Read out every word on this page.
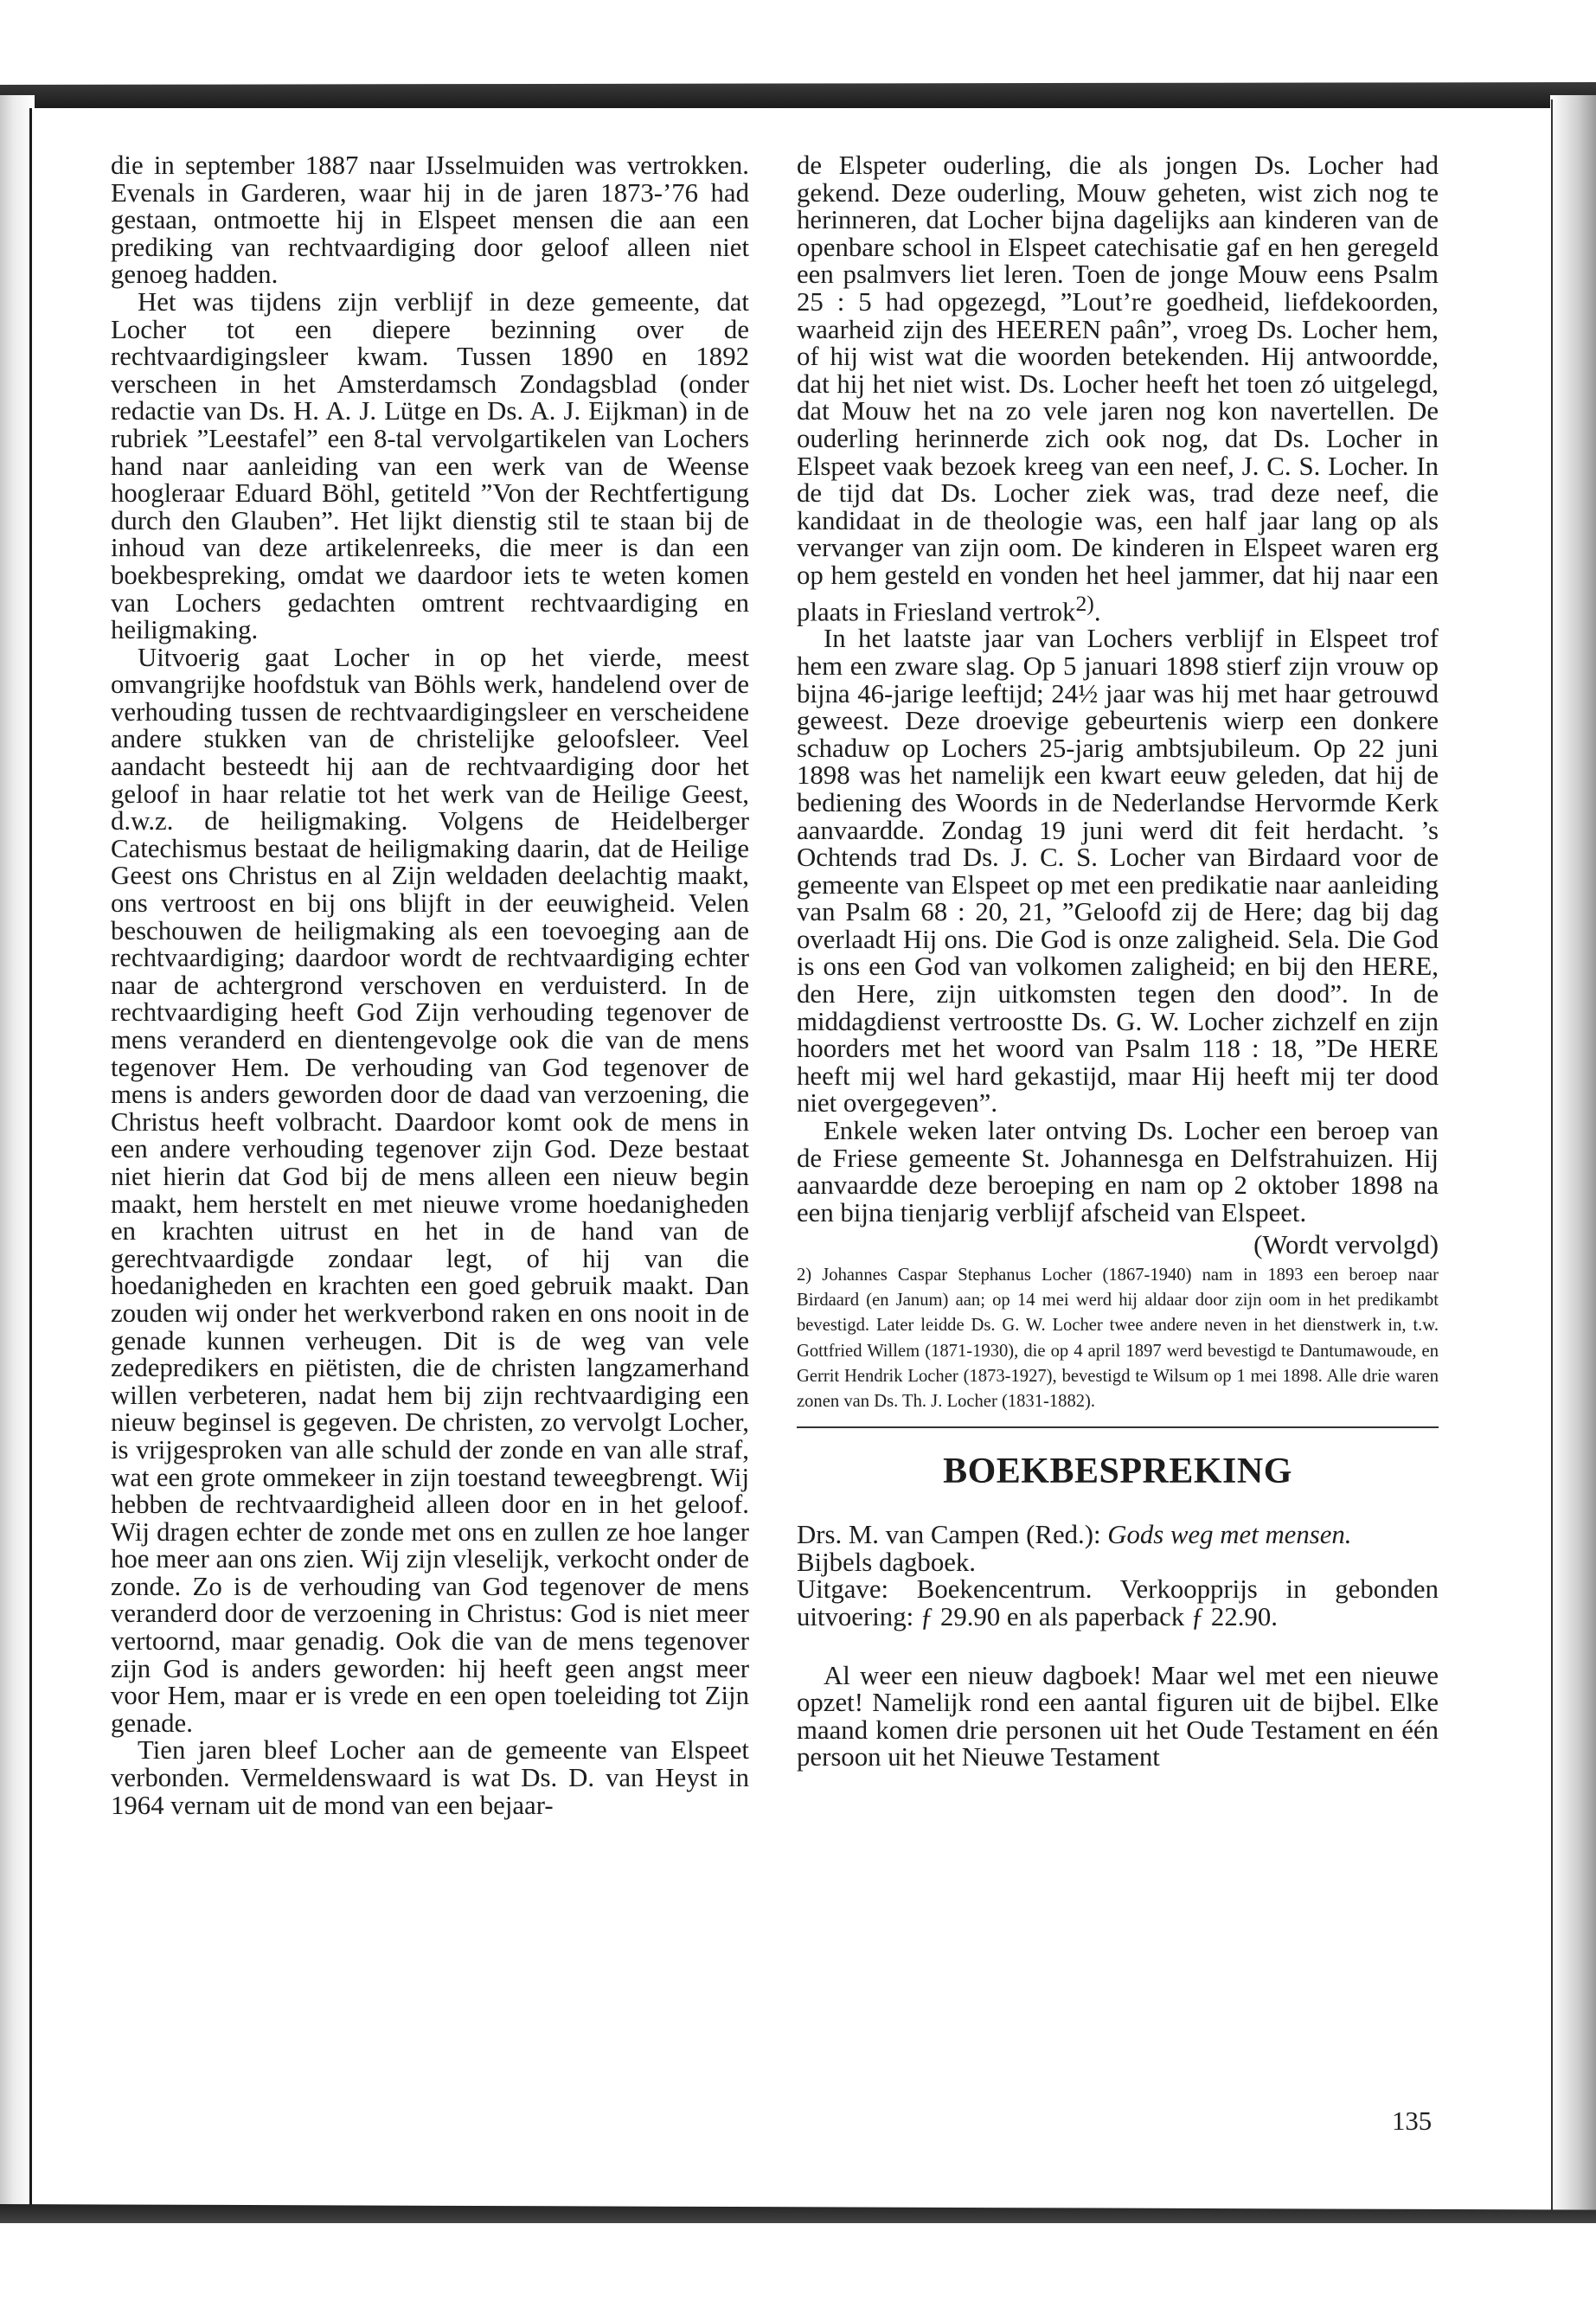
die in september 1887 naar IJsselmuiden was vertrokken. Evenals in Garderen, waar hij in de jaren 1873-’76 had gestaan, ontmoette hij in Elspeet mensen die aan een prediking van rechtvaardiging door geloof alleen niet genoeg hadden.

Het was tijdens zijn verblijf in deze gemeente, dat Locher tot een diepere bezinning over de rechtvaardigingsleer kwam. Tussen 1890 en 1892 verscheen in het Amsterdamsch Zondagsblad (onder redactie van Ds. H. A. J. Lütge en Ds. A. J. Eijkman) in de rubriek ”Leestafel” een 8-tal vervolgartikelen van Lochers hand naar aanleiding van een werk van de Weense hoogleraar Eduard Böhl, getiteld ”Von der Rechtfertigung durch den Glauben”. Het lijkt dienstig stil te staan bij de inhoud van deze artikelenreeks, die meer is dan een boekbespreking, omdat we daardoor iets te weten komen van Lochers gedachten omtrent rechtvaardiging en heiligmaking.

Uitvoerig gaat Locher in op het vierde, meest omvangrijke hoofdstuk van Böhls werk, handelend over de verhouding tussen de rechtvaardigingsleer en verscheidene andere stukken van de christelijke geloofsleer. Veel aandacht besteedt hij aan de rechtvaardiging door het geloof in haar relatie tot het werk van de Heilige Geest, d.w.z. de heiligmaking. Volgens de Heidelberger Catechismus bestaat de heiligmaking daarin, dat de Heilige Geest ons Christus en al Zijn weldaden deelachtig maakt, ons vertroost en bij ons blijft in der eeuwigheid. Velen beschouwen de heiligmaking als een toevoeging aan de rechtvaardiging; daardoor wordt de rechtvaardiging echter naar de achtergrond verschoven en verduisterd. In de rechtvaardiging heeft God Zijn verhouding tegenover de mens veranderd en dientengevolge ook die van de mens tegenover Hem. De verhouding van God tegenover de mens is anders geworden door de daad van verzoening, die Christus heeft volbracht. Daardoor komt ook de mens in een andere verhouding tegenover zijn God. Deze bestaat niet hierin dat God bij de mens alleen een nieuw begin maakt, hem herstelt en met nieuwe vrome hoedanigheden en krachten uitrust en het in de hand van de gerechtvaardigde zondaar legt, of hij van die hoedanigheden en krachten een goed gebruik maakt. Dan zouden wij onder het werkverbond raken en ons nooit in de genade kunnen verheugen. Dit is de weg van vele zedepredikers en piëtisten, die de christen langzamerhand willen verbeteren, nadat hem bij zijn rechtvaardiging een nieuw beginsel is gegeven. De christen, zo vervolgt Locher, is vrijgesproken van alle schuld der zonde en van alle straf, wat een grote ommekeer in zijn toestand teweegbrengt. Wij hebben de rechtvaardigheid alleen door en in het geloof. Wij dragen echter de zonde met ons en zullen ze hoe langer hoe meer aan ons zien. Wij zijn vleselijk, verkocht onder de zonde. Zo is de verhouding van God tegenover de mens veranderd door de verzoening in Christus: God is niet meer vertoornd, maar genadig. Ook die van de mens tegenover zijn God is anders geworden: hij heeft geen angst meer voor Hem, maar er is vrede en een open toeleiding tot Zijn genade.

Tien jaren bleef Locher aan de gemeente van Elspeet verbonden. Vermeldenswaard is wat Ds. D. van Heyst in 1964 vernam uit de mond van een bejaar-

de Elspeter ouderling, die als jongen Ds. Locher had gekend. Deze ouderling, Mouw geheten, wist zich nog te herinneren, dat Locher bijna dagelijks aan kinderen van de openbare school in Elspeet catechisatie gaf en hen geregeld een psalmvers liet leren. Toen de jonge Mouw eens Psalm 25 : 5 had opgezegd, ”Lout’re goedheid, liefdekoorden, waarheid zijn des HEEREN paân”, vroeg Ds. Locher hem, of hij wist wat die woorden betekenden. Hij antwoordde, dat hij het niet wist. Ds. Locher heeft het toen zó uitgelegd, dat Mouw het na zo vele jaren nog kon navertellen. De ouderling herinnerde zich ook nog, dat Ds. Locher in Elspeet vaak bezoek kreeg van een neef, J. C. S. Locher. In de tijd dat Ds. Locher ziek was, trad deze neef, die kandidaat in de theologie was, een half jaar lang op als vervanger van zijn oom. De kinderen in Elspeet waren erg op hem gesteld en vonden het heel jammer, dat hij naar een plaats in Friesland vertrok$^{2)}$.

In het laatste jaar van Lochers verblijf in Elspeet trof hem een zware slag. Op 5 januari 1898 stierf zijn vrouw op bijna 46-jarige leeftijd; 24½ jaar was hij met haar getrouwd geweest. Deze droevige gebeurtenis wierp een donkere schaduw op Lochers 25-jarig ambtsjubileum. Op 22 juni 1898 was het namelijk een kwart eeuw geleden, dat hij de bediening des Woords in de Nederlandse Hervormde Kerk aanvaardde. Zondag 19 juni werd dit feit herdacht. ’s Ochtends trad Ds. J. C. S. Locher van Birdaard voor de gemeente van Elspeet op met een predikatie naar aanleiding van Psalm 68 : 20, 21, ”Geloofd zij de Here; dag bij dag overlaadt Hij ons. Die God is onze zaligheid. Sela. Die God is ons een God van volkomen zaligheid; en bij den HERE, den Here, zijn uitkomsten tegen den dood”. In de middagdienst vertroostte Ds. G. W. Locher zichzelf en zijn hoorders met het woord van Psalm 118 : 18, ”De HERE heeft mij wel hard gekastijd, maar Hij heeft mij ter dood niet overgegeven”.

Enkele weken later ontving Ds. Locher een beroep van de Friese gemeente St. Johannesga en Delfstrahuizen. Hij aanvaardde deze beroeping en nam op 2 oktober 1898 na een bijna tienjarig verblijf afscheid van Elspeet.

(Wordt vervolgd)

2) Johannes Caspar Stephanus Locher (1867-1940) nam in 1893 een beroep naar Birdaard (en Janum) aan; op 14 mei werd hij aldaar door zijn oom in het predikambt bevestigd. Later leidde Ds. G. W. Locher twee andere neven in het dienstwerk in, t.w. Gottfried Willem (1871-1930), die op 4 april 1897 werd bevestigd te Dantumawoude, en Gerrit Hendrik Locher (1873-1927), bevestigd te Wilsum op 1 mei 1898. Alle drie waren zonen van Ds. Th. J. Locher (1831-1882).

BOEKBESPREKING

Drs. M. van Campen (Red.): Gods weg met mensen.

Bijbels dagboek.

Uitgave: Boekencentrum. Verkoopprijs in gebonden uitvoering: ƒ 29.90 en als paperback ƒ 22.90.

Al weer een nieuw dagboek! Maar wel met een nieuwe opzet! Namelijk rond een aantal figuren uit de bijbel. Elke maand komen drie personen uit het Oude Testament en één persoon uit het Nieuwe Testament

135
